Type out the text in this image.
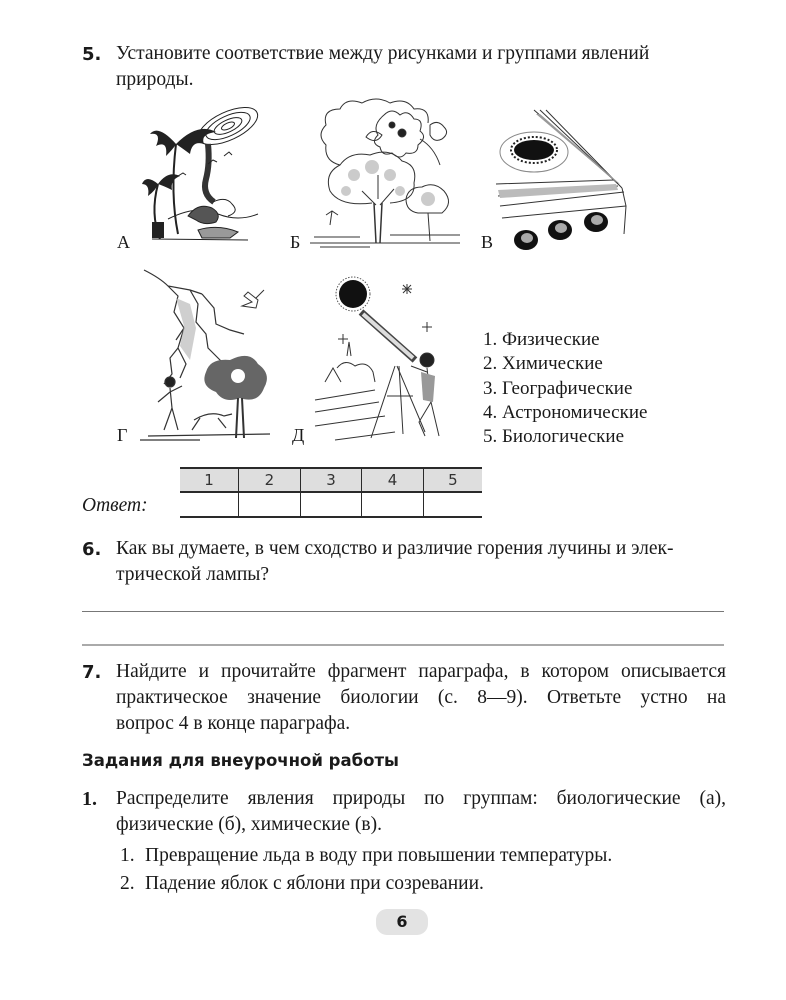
5. Установите соответствие между рисунками и группами явлений
природы.
А	Б	В
Г	Д
1. Физические
2. Химические
3. Географические
4. Астрономические
5. Биологические
Ответ:
1	2	3	4	5

6. Как вы думаете, в чем сходство и различие горения лучины и элек-
трической лампы?
7. Найдите и прочитайте фрагмент параграфа, в котором описывается
практическое значение биологии (с. 8—9). Ответьте устно на
вопрос 4 в конце параграфа.
Задания для внеурочной работы
1. Распределите явления природы по группам: биологические (а),
физические (б), химические (в).
1. Превращение льда в воду при повышении температуры.
2. Падение яблок с яблони при созревании.
6
